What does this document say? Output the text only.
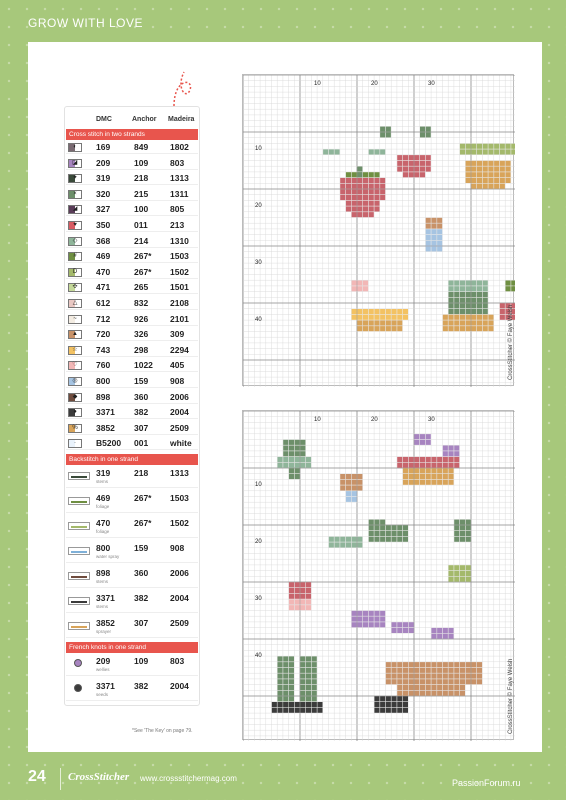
GROW WITH LOVE
DMC	Anchor Madeira
Cross stitch in two strands
◐	169	849	1802
◪	209	109	803
✦	319	218	1313
×	320	215	1311
◢	327	100	805
♥	350	011	213
◇	368	214	1310
#	469	267* 1503
D	470	267* 1502
✣	471	265	1501
△	612	832	2108
~	712	926	2101
▲	720	326	309
☆	743	298	2294
♡	760	1022 405
◎	800	159	908
◆	898	360	2006
●	3371 382	2004
%	3852 307	2509
·	B5200 001	white
Backstitch in one strand
319	218	1313
stems
469	267* 1503
foliage
470	267* 1502
foliage
800	159	908
water spray
898	360	2006
stems
3371 382	2004
stems
3852 307	2509
sprayer
French knots in one strand
209	109	803
wellies
3371 382	2004
seeds
*See 'The Key' on page 79.
10	20	30
10
20
30
40
10	20	30
10
20
30
40
CrossStitcher © Faye Welsh
CrossStitcher © Faye Welsh
24 CrossStitcher www.crossstitchermag.com	PassionForum.ru
